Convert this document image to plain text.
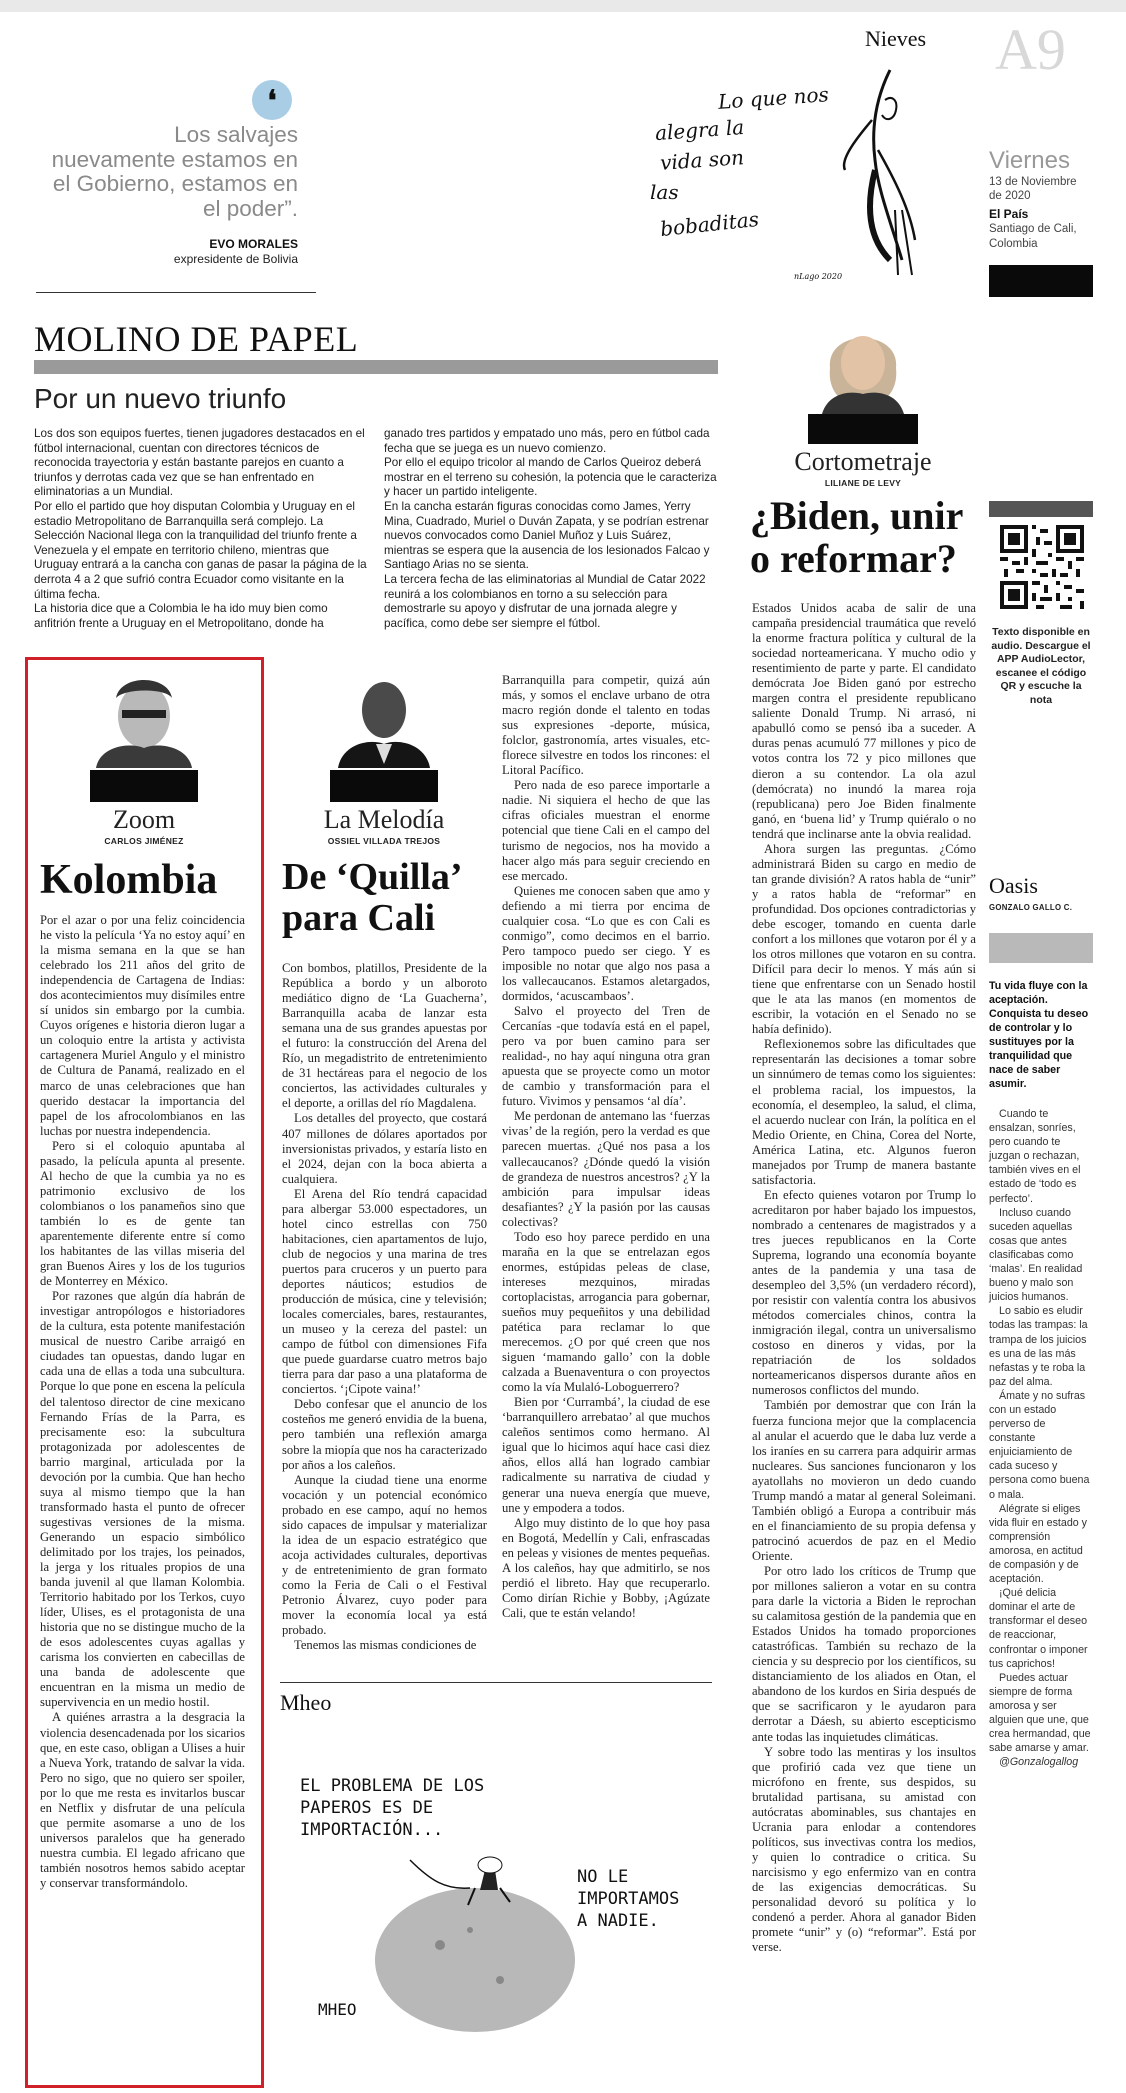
❛
Los salvajes nuevamente estamos en el Gobierno, estamos en el poder”.
EVO MORALES
expresidente de Bolivia
Nieves
Lo que nos
alegra la
vida son
las
bobaditas
nLago 2020
A9
Viernes
13 de Noviembre
de 2020
El País
Santiago de Cali,
Colombia
MOLINO DE PAPEL
Por un nuevo triunfo

Los dos son equipos fuertes, tienen jugadores destacados en el fútbol internacional, cuentan con directores técnicos de reconocida trayectoria y están bastante parejos en cuanto a triunfos y derrotas cada vez que se han enfrentado en eliminatorias a un Mundial.

Por ello el partido que hoy disputan Colombia y Uruguay en el estadio Metropolitano de Barranquilla será complejo. La Selección Nacional llega con la tranquilidad del triunfo frente a Venezuela y el empate en territorio chileno, mientras que Uruguay entrará a la cancha con ganas de pasar la página de la derrota 4 a 2 que sufrió contra Ecuador como visitante en la última fecha.

La historia dice que a Colombia le ha ido muy bien como anfitrión frente a Uruguay en el Metropolitano, donde ha

ganado tres partidos y empatado uno más, pero en fútbol cada fecha que se juega es un nuevo comienzo.

Por ello el equipo tricolor al mando de Carlos Queiroz deberá mostrar en el terreno su cohesión, la potencia que le caracteriza y hacer un partido inteligente.

En la cancha estarán figuras conocidas como James, Yerry Mina, Cuadrado, Muriel o Duván Zapata, y se podrían estrenar nuevos convocados como Daniel Muñoz y Luis Suárez, mientras se espera que la ausencia de los lesionados Falcao y Santiago Arias no se sienta.

La tercera fecha de las eliminatorias al Mundial de Catar 2022 reunirá a los colombianos en torno a su selección para demostrarle su apoyo y disfrutar de una jornada alegre y pacífica, como debe ser siempre el fútbol.

Zoom
CARLOS JIMÉNEZ
Kolombia

Por el azar o por una feliz coincidencia he visto la película ‘Ya no estoy aquí’ en la misma semana en la que se han celebrado los 211 años del grito de independencia de Cartagena de Indias: dos acontecimientos muy disímiles entre sí unidos sin embargo por la cumbia. Cuyos orígenes e historia dieron lugar a un coloquio entre la artista y activista cartagenera Muriel Angulo y el ministro de Cultura de Panamá, realizado en el marco de unas celebraciones que han querido destacar la importancia del papel de los afrocolombianos en las luchas por nuestra independencia.

Pero si el coloquio apuntaba al pasado, la película apunta al presente. Al hecho de que la cumbia ya no es patrimonio exclusivo de los colombianos o los panameños sino que también lo es de gente tan aparentemente diferente entre sí como los habitantes de las villas miseria del gran Buenos Aires y los de los tugurios de Monterrey en México.

Por razones que algún día habrán de investigar antropólogos e historiadores de la cultura, esta potente manifestación musical de nuestro Caribe arraigó en ciudades tan opuestas, dando lugar en cada una de ellas a toda una subcultura. Porque lo que pone en escena la película del talentoso director de cine mexicano Fernando Frías de la Parra, es precisamente eso: la subcultura protagonizada por adolescentes de barrio marginal, articulada por la devoción por la cumbia. Que han hecho suya al mismo tiempo que la han transformado hasta el punto de ofrecer sugestivas versiones de la misma. Generando un espacio simbólico delimitado por los trajes, los peinados, la jerga y los rituales propios de una banda juvenil al que llaman Kolombia. Territorio habitado por los Terkos, cuyo líder, Ulises, es el protagonista de una historia que no se distingue mucho de la de esos adolescentes cuyas agallas y carisma los convierten en cabecillas de una banda de adolescente que encuentran en la misma un medio de supervivencia en un medio hostil.

A quiénes arrastra a la desgracia la violencia desencadenada por los sicarios que, en este caso, obligan a Ulises a huir a Nueva York, tratando de salvar la vida. Pero no sigo, que no quiero ser spoiler, por lo que me resta es invitarlos buscar en Netflix y disfrutar de una película que permite asomarse a uno de los universos paralelos que ha generado nuestra cumbia. El legado africano que también nosotros hemos sabido aceptar y conservar transformándolo.

La Melodía
OSSIEL VILLADA TREJOS
De ‘Quilla’ para Cali

Con bombos, platillos, Presidente de la República a bordo y un alboroto mediático digno de ‘La Guacherna’, Barranquilla acaba de lanzar esta semana una de sus grandes apuestas por el futuro: la construcción del Arena del Río, un megadistrito de entretenimiento de 31 hectáreas para el negocio de los conciertos, las actividades culturales y el deporte, a orillas del río Magdalena.

Los detalles del proyecto, que costará 407 millones de dólares aportados por inversionistas privados, y estaría listo en el 2024, dejan con la boca abierta a cualquiera.

El Arena del Río tendrá capacidad para albergar 53.000 espectadores, un hotel cinco estrellas con 750 habitaciones, cien apartamentos de lujo, club de negocios y una marina de tres puertos para cruceros y un puerto para deportes náuticos; estudios de producción de música, cine y televisión; locales comerciales, bares, restaurantes, un museo y la cereza del pastel: un campo de fútbol con dimensiones Fifa que puede guardarse cuatro metros bajo tierra para dar paso a una plataforma de conciertos. ‘¡Cipote vaina!’

Debo confesar que el anuncio de los costeños me generó envidia de la buena, pero también una reflexión amarga sobre la miopía que nos ha caracterizado por años a los caleños.

Aunque la ciudad tiene una enorme vocación y un potencial económico probado en ese campo, aquí no hemos sido capaces de impulsar y materializar la idea de un espacio estratégico que acoja actividades culturales, deportivas y de entretenimiento de gran formato como la Feria de Cali o el Festival Petronio Álvarez, cuyo poder para mover la economía local ya está probado.

Tenemos las mismas condiciones de

Barranquilla para competir, quizá aún más, y somos el enclave urbano de otra macro región donde el talento en todas sus expresiones -deporte, música, folclor, gastronomía, artes visuales, etc- florece silvestre en todos los rincones: el Litoral Pacífico.

Pero nada de eso parece importarle a nadie. Ni siquiera el hecho de que las cifras oficiales muestran el enorme potencial que tiene Cali en el campo del turismo de negocios, nos ha movido a hacer algo más para seguir creciendo en ese mercado.

Quienes me conocen saben que amo y defiendo a mi tierra por encima de cualquier cosa. “Lo que es con Cali es conmigo”, como decimos en el barrio. Pero tampoco puedo ser ciego. Y es imposible no notar que algo nos pasa a los vallecaucanos. Estamos aletargados, dormidos, ‘acuscambaos’.

Salvo el proyecto del Tren de Cercanías -que todavía está en el papel, pero va por buen camino para ser realidad-, no hay aquí ninguna otra gran apuesta que se proyecte como un motor de cambio y transformación para el futuro. Vivimos y pensamos ‘al día’.

Me perdonan de antemano las ‘fuerzas vivas’ de la región, pero la verdad es que parecen muertas. ¿Qué nos pasa a los vallecaucanos? ¿Dónde quedó la visión de grandeza de nuestros ancestros? ¿Y la ambición para impulsar ideas desafiantes? ¿Y la pasión por las causas colectivas?

Todo eso hoy parece perdido en una maraña en la que se entrelazan egos enormes, estúpidas peleas de clase, intereses mezquinos, miradas cortoplacistas, arrogancia para gobernar, sueños muy pequeñitos y una debilidad patética para reclamar lo que merecemos. ¿O por qué creen que nos siguen ‘mamando gallo’ con la doble calzada a Buenaventura o con proyectos como la vía Mulaló-Loboguerrero?

Bien por ‘Currambá’, la ciudad de ese ‘barranquillero arrebatao’ al que muchos caleños sentimos como hermano. Al igual que lo hicimos aquí hace casi diez años, ellos allá han logrado cambiar radicalmente su narrativa de ciudad y generar una nueva energía que mueve, une y empodera a todos.

Algo muy distinto de lo que hoy pasa en Bogotá, Medellín y Cali, enfrascadas en peleas y visiones de mentes pequeñas. A los caleños, hay que admitirlo, se nos perdió el libreto. Hay que recuperarlo. Como dirían Richie y Bobby, ¡Agúzate Cali, que te están velando!

Mheo
EL PROBLEMA DE LOS PAPEROS ES DE IMPORTACIÓN...
NO LE IMPORTAMOS A NADIE.
MHEO
Cortometraje
LILIANE DE LEVY
¿Biden, unir o reformar?

Estados Unidos acaba de salir de una campaña presidencial traumática que reveló la enorme fractura política y cultural de la sociedad norteamericana. Y mucho odio y resentimiento de parte y parte. El candidato demócrata Joe Biden ganó por estrecho margen contra el presidente republicano saliente Donald Trump. Ni arrasó, ni apabulló como se pensó iba a suceder. A duras penas acumuló 77 millones y pico de votos contra los 72 y pico millones que dieron a su contendor. La ola azul (demócrata) no inundó la marea roja (republicana) pero Joe Biden finalmente ganó, en ‘buena lid’ y Trump quiéralo o no tendrá que inclinarse ante la obvia realidad.

Ahora surgen las preguntas. ¿Cómo administrará Biden su cargo en medio de tan grande división? A ratos habla de “unir” y a ratos habla de “reformar” en profundidad. Dos opciones contradictorias y debe escoger, tomando en cuenta darle confort a los millones que votaron por él y a los otros millones que votaron en su contra. Difícil para decir lo menos. Y más aún si tiene que enfrentarse con un Senado hostil que le ata las manos (en momentos de escribir, la votación en el Senado no se había definido).

Reflexionemos sobre las dificultades que representarán las decisiones a tomar sobre un sinnúmero de temas como los siguientes: el problema racial, los impuestos, la economía, el desempleo, la salud, el clima, el acuerdo nuclear con Irán, la política en el Medio Oriente, en China, Corea del Norte, América Latina, etc. Algunos fueron manejados por Trump de manera bastante satisfactoria.

En efecto quienes votaron por Trump lo acreditaron por haber bajado los impuestos, nombrado a centenares de magistrados y a tres jueces republicanos en la Corte Suprema, logrando una economía boyante antes de la pandemia y una tasa de desempleo del 3,5% (un verdadero récord), por resistir con valentía contra los abusivos métodos comerciales chinos, contra la inmigración ilegal, contra un universalismo costoso en dineros y vidas, por la repatriación de los soldados norteamericanos dispersos durante años en numerosos conflictos del mundo.

También por demostrar que con Irán la fuerza funciona mejor que la complacencia al anular el acuerdo que le daba luz verde a los iraníes en su carrera para adquirir armas nucleares. Sus sanciones funcionaron y los ayatollahs no movieron un dedo cuando Trump mandó a matar al general Soleimani. También obligó a Europa a contribuir más en el financiamiento de su propia defensa y patrocinó acuerdos de paz en el Medio Oriente.

Por otro lado los críticos de Trump que por millones salieron a votar en su contra para darle la victoria a Biden le reprochan su calamitosa gestión de la pandemia que en Estados Unidos ha tomado proporciones catastróficas. También su rechazo de la ciencia y su desprecio por los científicos, su distanciamiento de los aliados en Otan, el abandono de los kurdos en Siria después de que se sacrificaron y le ayudaron para derrotar a Dáesh, su abierto escepticismo ante todas las inquietudes climáticas.

Y sobre todo las mentiras y los insultos que profirió cada vez que tiene un micrófono en frente, sus despidos, su brutalidad partisana, su amistad con autócratas abominables, sus chantajes en Ucrania para enlodar a contendores políticos, sus invectivas contra los medios, y quien lo contradice o critica. Su narcisismo y ego enfermizo van en contra de las exigencias democráticas. Su personalidad devoró su política y lo condenó a perder. Ahora al ganador Biden promete “unir” y (o) “reformar”. Está por verse.

Texto disponible en audio. Descargue el APP AudioLector, escanee el código QR y escuche la nota
Oasis
GONZALO GALLO C.
Tu vida fluye con la aceptación. Conquista tu deseo de controlar y lo sustituyes por la tranquilidad que nace de saber asumir.

Cuando te ensalzan, sonríes, pero cuando te juzgan o rechazan, también vives en el estado de ‘todo es perfecto’.

Incluso cuando suceden aquellas cosas que antes clasificabas como ‘malas’. En realidad bueno y malo son juicios humanos.

Lo sabio es eludir todas las trampas: la trampa de los juicios es una de las más nefastas y te roba la paz del alma.

Ámate y no sufras con un estado perverso de constante enjuiciamiento de cada suceso y persona como buena o mala.

Alégrate si eliges vida fluir en estado y comprensión amorosa, en actitud de compasión y de aceptación.

¡Qué delicia dominar el arte de transformar el deseo de reaccionar, confrontar o imponer tus caprichos!

Puedes actuar siempre de forma amorosa y ser alguien que une, que crea hermandad, que sabe amarse y amar.

@Gonzalogallog
